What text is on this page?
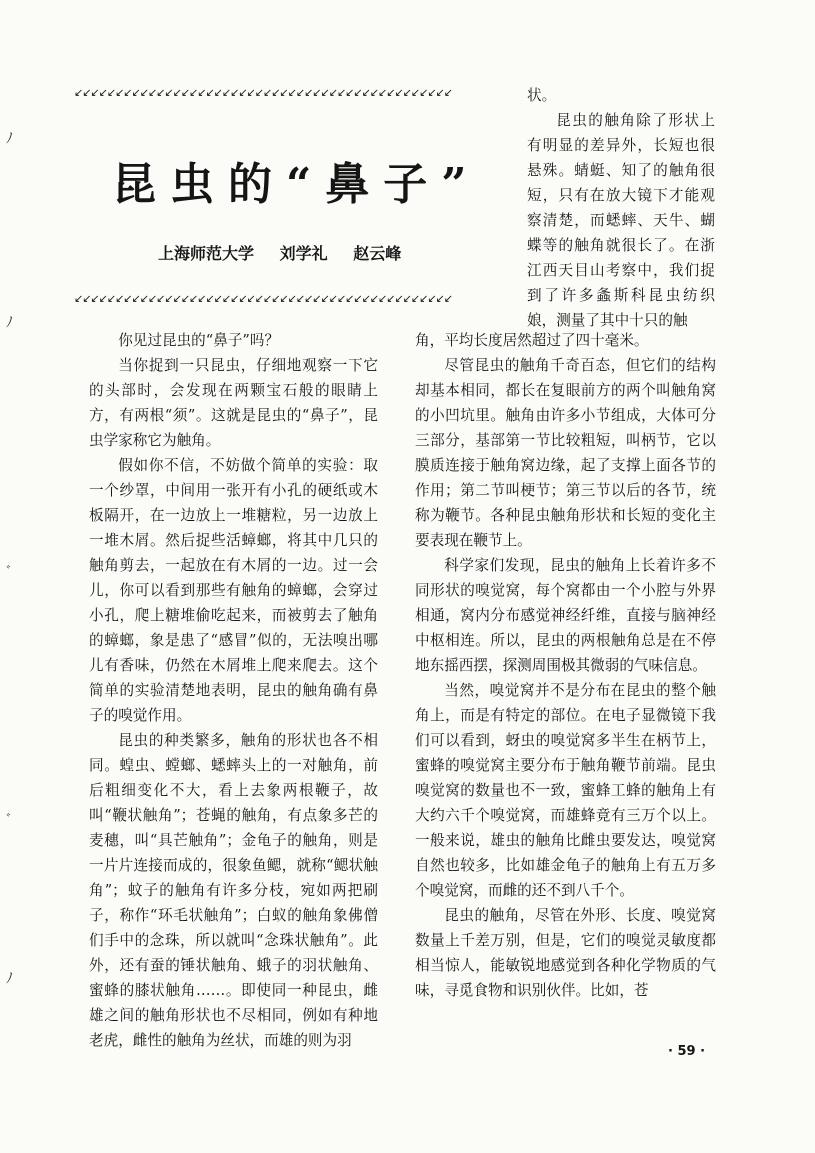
↙↙↙↙↙↙↙↙↙↙↙↙↙↙↙↙↙↙↙↙↙↙↙↙↙↙↙↙↙↙↙↙↙↙↙↙↙↙↙↙↙↙↙↙↙↙
昆虫的“鼻子”
上海师范大学 刘学礼 赵云峰
↙↙↙↙↙↙↙↙↙↙↙↙↙↙↙↙↙↙↙↙↙↙↙↙↙↙↙↙↙↙↙↙↙↙↙↙↙↙↙↙↙↙↙↙↙↙

状。

昆虫的触角除了形状上有明显的差异外，长短也很悬殊。蜻蜓、知了的触角很短，只有在放大镜下才能观察清楚，而蟋蟀、天牛、蝴蝶等的触角就很长了。在浙江西天目山考察中，我们捉到了许多螽斯科昆虫纺织娘，测量了其中十只的触

你见过昆虫的“鼻子”吗？

当你捉到一只昆虫，仔细地观察一下它的头部时，会发现在两颗宝石般的眼睛上方，有两根“须”。这就是昆虫的“鼻子”，昆虫学家称它为触角。

假如你不信，不妨做个简单的实验：取一个纱罩，中间用一张开有小孔的硬纸或木板隔开，在一边放上一堆糖粒，另一边放上一堆木屑。然后捉些活蟑螂，将其中几只的触角剪去，一起放在有木屑的一边。过一会儿，你可以看到那些有触角的蟑螂，会穿过小孔，爬上糖堆偷吃起来，而被剪去了触角的蟑螂，象是患了“感冒”似的，无法嗅出哪儿有香味，仍然在木屑堆上爬来爬去。这个简单的实验清楚地表明，昆虫的触角确有鼻子的嗅觉作用。

昆虫的种类繁多，触角的形状也各不相同。蝗虫、螳螂、蟋蟀头上的一对触角，前后粗细变化不大，看上去象两根鞭子，故叫“鞭状触角”；苍蝇的触角，有点象多芒的麦穗，叫“具芒触角”；金龟子的触角，则是一片片连接而成的，很象鱼鳃，就称“鳃状触角”；蚊子的触角有许多分枝，宛如两把刷子，称作“环毛状触角”；白蚁的触角象佛僧们手中的念珠，所以就叫“念珠状触角”。此外，还有蚕的锤状触角、蛾子的羽状触角、蜜蜂的膝状触角……。即使同一种昆虫，雌雄之间的触角形状也不尽相同，例如有种地老虎，雌性的触角为丝状，而雄的则为羽

角，平均长度居然超过了四十毫米。

尽管昆虫的触角千奇百态，但它们的结构却基本相同，都长在复眼前方的两个叫触角窝的小凹坑里。触角由许多小节组成，大体可分三部分，基部第一节比较粗短，叫柄节，它以膜质连接于触角窝边缘，起了支撑上面各节的作用；第二节叫梗节；第三节以后的各节，统称为鞭节。各种昆虫触角形状和长短的变化主要表现在鞭节上。

科学家们发现，昆虫的触角上长着许多不同形状的嗅觉窝，每个窝都由一个小腔与外界相通，窝内分布感觉神经纤维，直接与脑神经中枢相连。所以，昆虫的两根触角总是在不停地东摇西摆，探测周围极其微弱的气味信息。

当然，嗅觉窝并不是分布在昆虫的整个触角上，而是有特定的部位。在电子显微镜下我们可以看到，蚜虫的嗅觉窝多半生在柄节上，蜜蜂的嗅觉窝主要分布于触角鞭节前端。昆虫嗅觉窝的数量也不一致，蜜蜂工蜂的触角上有大约六千个嗅觉窝，而雄蜂竟有三万个以上。一般来说，雄虫的触角比雌虫要发达，嗅觉窝自然也较多，比如雄金龟子的触角上有五万多个嗅觉窝，而雌的还不到八千个。

昆虫的触角，尽管在外形、长度、嗅觉窝数量上千差万别，但是，它们的嗅觉灵敏度都相当惊人，能敏锐地感觉到各种化学物质的气味，寻觅食物和识别伙伴。比如，苍

· 59 ·
ﾉ
ﾉ
ﾞ
ﾞ
ﾉ
